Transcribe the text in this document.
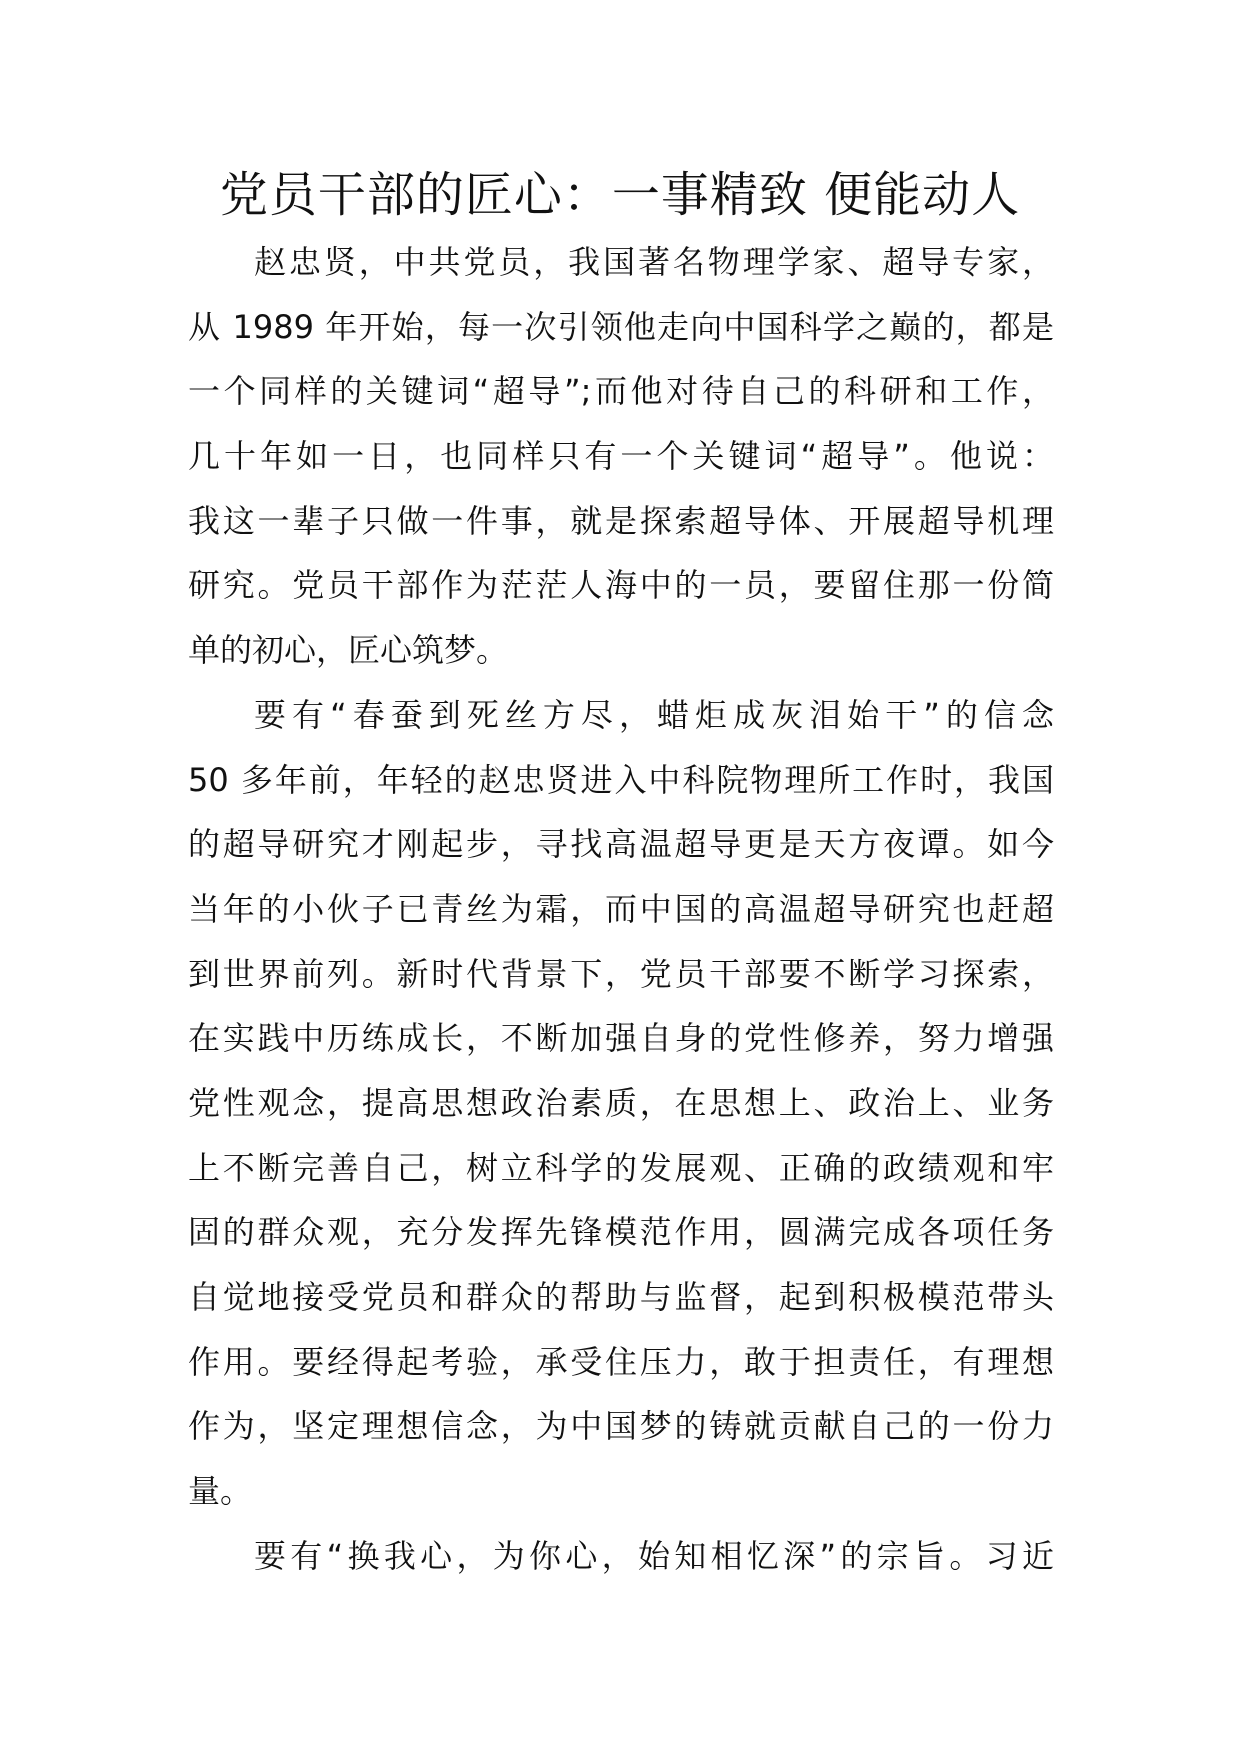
党员干部的匠心：一事精致 便能动人
赵忠贤，中共党员，我国著名物理学家、超导专家，
从 1989 年开始，每一次引领他走向中国科学之巅的，都是
一个同样的关键词“超导”;而他对待自己的科研和工作，
几十年如一日，也同样只有一个关键词“超导”。他说：
我这一辈子只做一件事，就是探索超导体、开展超导机理
研究。党员干部作为茫茫人海中的一员，要留住那一份简
单的初心，匠心筑梦。
要有“春蚕到死丝方尽，蜡炬成灰泪始干”的信念
50 多年前，年轻的赵忠贤进入中科院物理所工作时，我国
的超导研究才刚起步，寻找高温超导更是天方夜谭。如今
当年的小伙子已青丝为霜，而中国的高温超导研究也赶超
到世界前列。新时代背景下，党员干部要不断学习探索，
在实践中历练成长，不断加强自身的党性修养，努力增强
党性观念，提高思想政治素质，在思想上、政治上、业务
上不断完善自己，树立科学的发展观、正确的政绩观和牢
固的群众观，充分发挥先锋模范作用，圆满完成各项任务
自觉地接受党员和群众的帮助与监督，起到积极模范带头
作用。要经得起考验，承受住压力，敢于担责任，有理想
作为，坚定理想信念，为中国梦的铸就贡献自己的一份力
量。
要有“换我心，为你心，始知相忆深”的宗旨。习近
